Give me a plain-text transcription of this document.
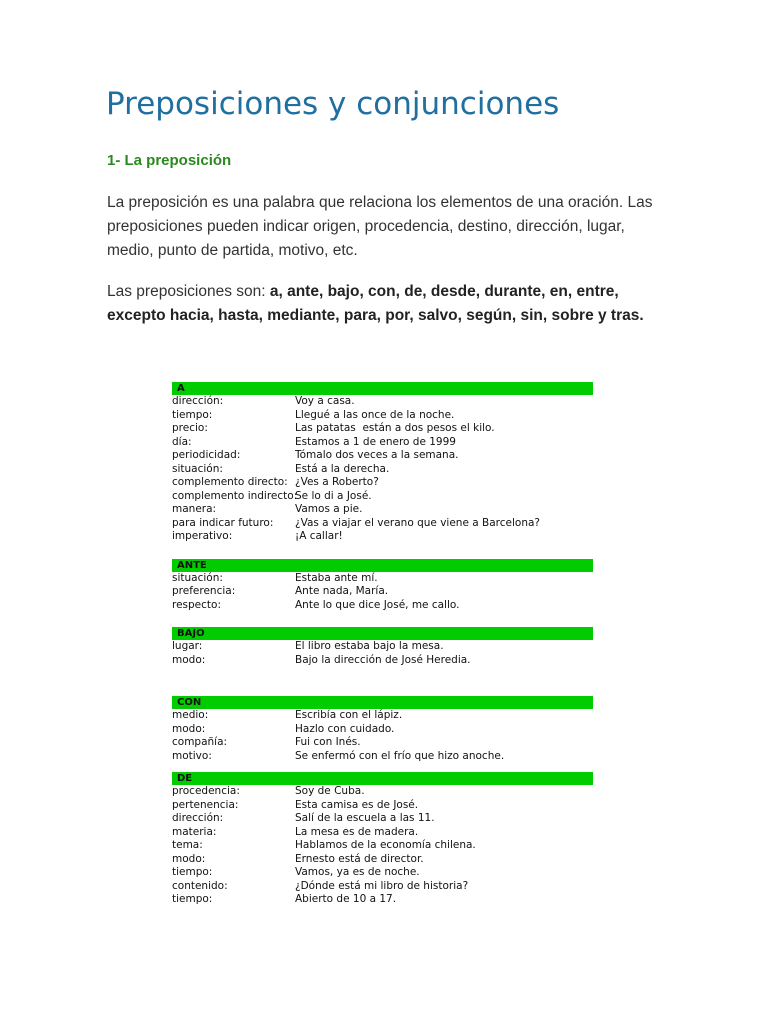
Preposiciones y conjunciones
1- La preposición

La preposición es una palabra que relaciona los elementos de una oración. Las preposiciones pueden indicar origen, procedencia, destino, dirección, lugar, medio, punto de partida, motivo, etc.

Las preposiciones son: a, ante, bajo, con, de, desde, durante, en, entre, excepto hacia, hasta, mediante, para, por, salvo, según, sin, sobre y tras.

A
dirección:	Voy a casa.
tiempo:	Llegué a las once de la noche.
precio:	Las patatas  están a dos pesos el kilo.
día:	Estamos a 1 de enero de 1999
periodicidad:	Tómalo dos veces a la semana.
situación:	Está a la derecha.
complemento directo: ¿Ves a Roberto?
complemento indirecto:
Se lo di a José.
manera:	Vamos a pie.
para indicar futuro:	¿Vas a viajar el verano que viene a Barcelona?
imperativo:	¡A callar!
ANTE
situación:	Estaba ante mí.
preferencia:	Ante nada, María.
respecto:	Ante lo que dice José, me callo.
BAJO
lugar:	El libro estaba bajo la mesa.
modo:	Bajo la dirección de José Heredia.
CON
medio:	Escribía con el lápiz.
modo:	Hazlo con cuidado.
compañía:	Fui con Inés.
motivo:	Se enfermó con el frío que hizo anoche.
DE
procedencia:	Soy de Cuba.
pertenencia:	Esta camisa es de José.
dirección:	Salí de la escuela a las 11.
materia:	La mesa es de madera.
tema:	Hablamos de la economía chilena.
modo:	Ernesto está de director.
tiempo:	Vamos, ya es de noche.
contenido:	¿Dónde está mi libro de historia?
tiempo:	Abierto de 10 a 17.
